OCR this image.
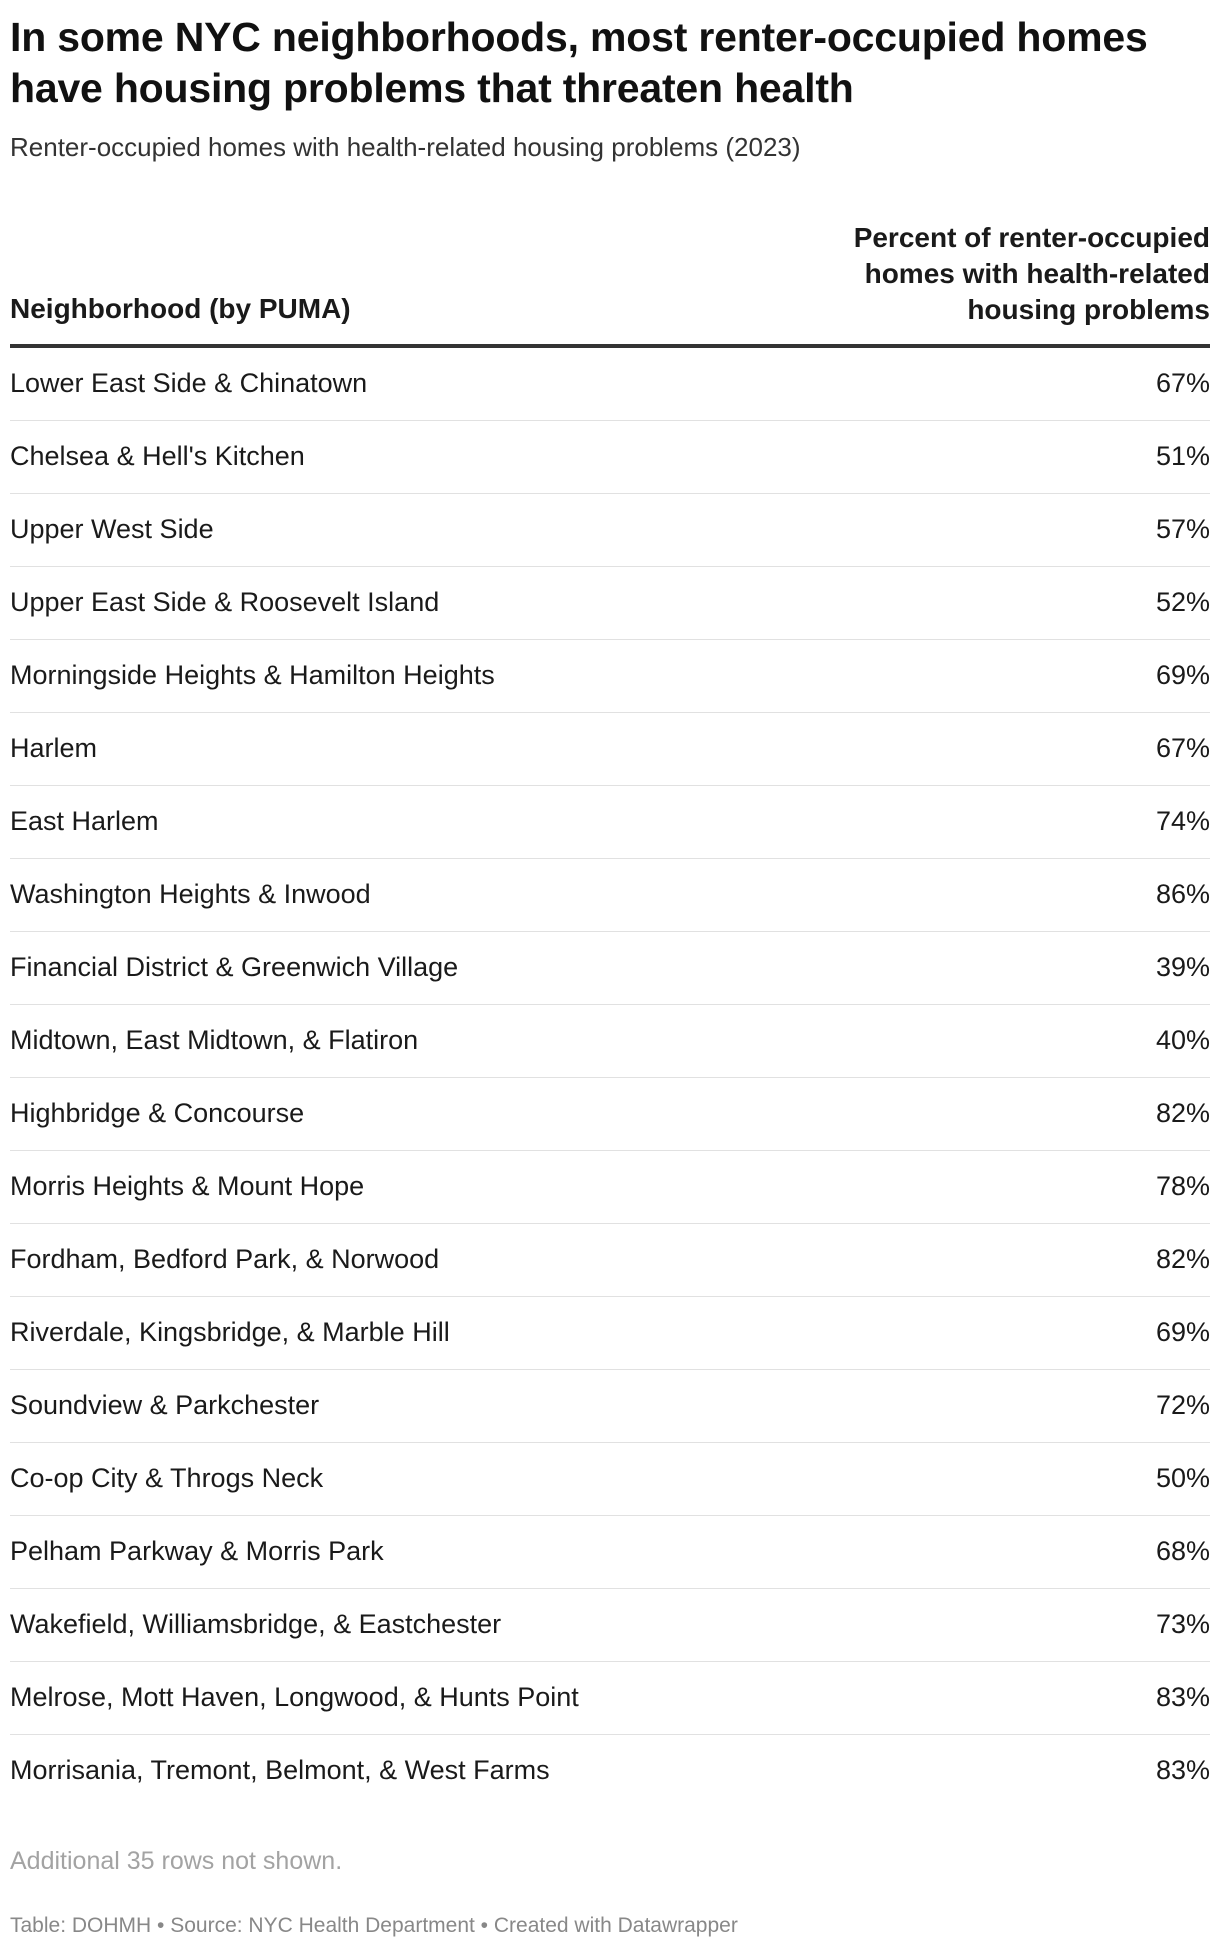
In some NYC neighborhoods, most renter-occupied homes have housing problems that threaten health
Renter-occupied homes with health-related housing problems (2023)
Neighborhood (by PUMA)
Percent of renter-occupied homes with health-related housing problems
Lower East Side & Chinatown	67%
Chelsea & Hell's Kitchen	51%
Upper West Side	57%
Upper East Side & Roosevelt Island	52%
Morningside Heights & Hamilton Heights	69%
Harlem	67%
East Harlem	74%
Washington Heights & Inwood	86%
Financial District & Greenwich Village	39%
Midtown, East Midtown, & Flatiron	40%
Highbridge & Concourse	82%
Morris Heights & Mount Hope	78%
Fordham, Bedford Park, & Norwood	82%
Riverdale, Kingsbridge, & Marble Hill	69%
Soundview & Parkchester	72%
Co-op City & Throgs Neck	50%
Pelham Parkway & Morris Park	68%
Wakefield, Williamsbridge, & Eastchester	73%
Melrose, Mott Haven, Longwood, & Hunts Point	83%
Morrisania, Tremont, Belmont, & West Farms	83%
Additional 35 rows not shown.
Table: DOHMH • Source: NYC Health Department • Created with Datawrapper
